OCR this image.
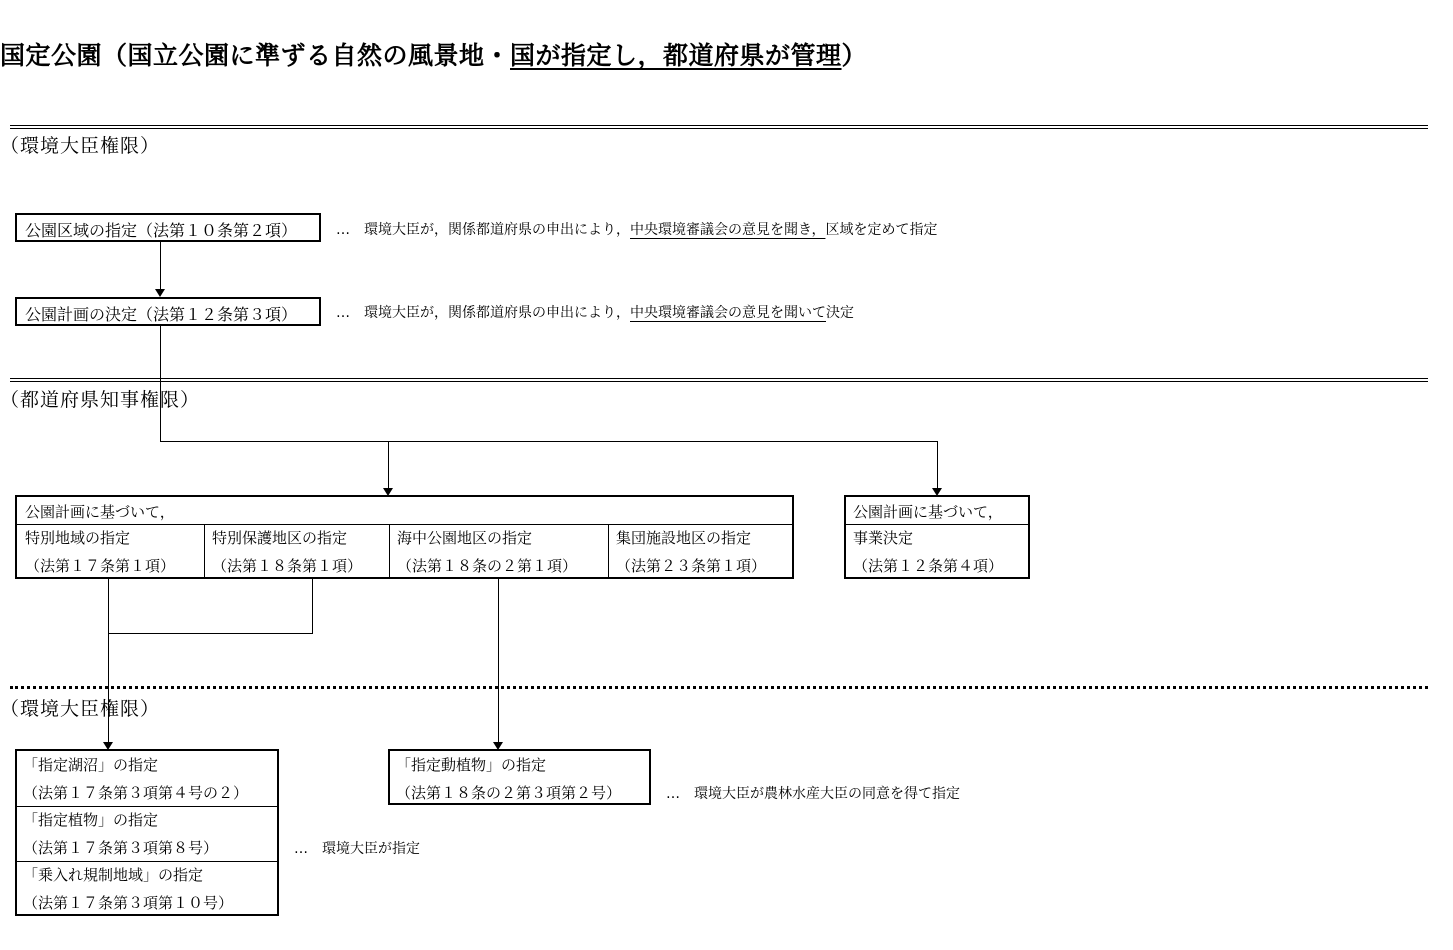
国定公園（国立公園に準ずる自然の風景地・国が指定し，都道府県が管理）
（環境大臣権限）
公園区域の指定（法第１０条第２項）	…　環境大臣が，関係都道府県の申出により，中央環境審議会の意見を聞き，区域を定めて指定
公園計画の決定（法第１２条第３項）	…　環境大臣が，関係都道府県の申出により，中央環境審議会の意見を聞いて決定
（都道府県知事権限）
公園計画に基づいて，
特別地域の指定
（法第１７条第１項）
特別保護地区の指定
（法第１８条第１項）
海中公園地区の指定
（法第１８条の２第１項）
集団施設地区の指定
（法第２３条第１項）
公園計画に基づいて，
事業決定
（法第１２条第４項）
（環境大臣権限）
「指定湖沼」の指定
（法第１７条第３項第４号の２）
「指定植物」の指定
（法第１７条第３項第８号）
「乗入れ規制地域」の指定
（法第１７条第３項第１０号）
…　環境大臣が指定
「指定動植物」の指定
（法第１８条の２第３項第２号）	…　環境大臣が農林水産大臣の同意を得て指定
